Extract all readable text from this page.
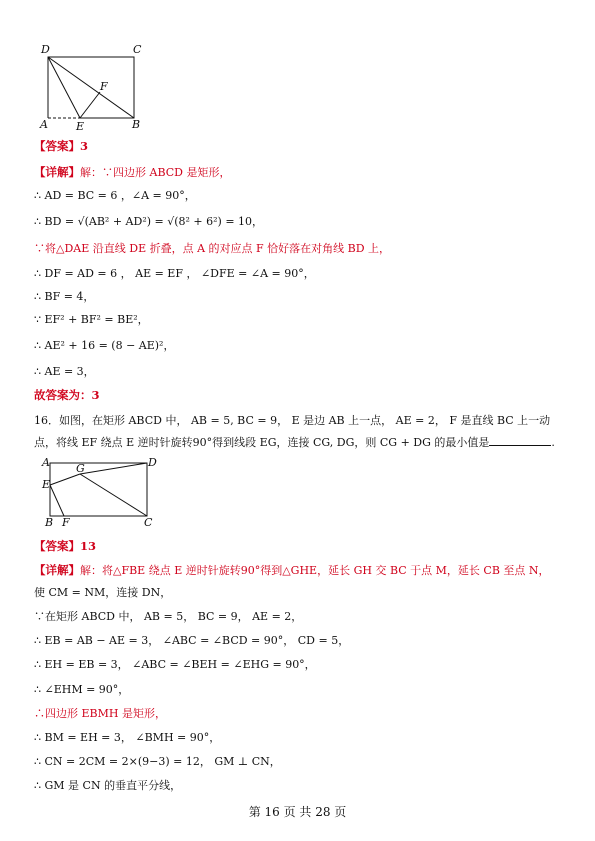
D	C
F
A	E	B
【答案】3
【详解】解：∵四边形 ABCD 是矩形，
∴ AD = BC = 6 ，∠A = 90°，
∴ BD = √(AB² + AD²) = √(8² + 6²) = 10，
∵将△DAE 沿直线 DE 折叠，点 A 的对应点 F 恰好落在对角线 BD 上，
∴ DF = AD = 6 ， AE = EF ， ∠DFE = ∠A = 90°，
∴ BF = 4，
∵ EF² + BF² = BE²，
∴ AE² + 16 = (8 − AE)²，
∴ AE = 3，
故答案为：3
16．如图，在矩形 ABCD 中， AB = 5, BC = 9， E 是边 AB 上一点， AE = 2， F 是直线 BC 上一动点，将线 EF 绕点 E 逆时针旋转90°得到线段 EG，连接 CG, DG，则 CG + DG 的最小值是	.
A G	D
E
B F	C
【答案】13
【详解】解：将△FBE 绕点 E 逆时针旋转90°得到△GHE，延长 GH 交 BC 于点 M，延长 CB 至点 N，
使 CM = NM，连接 DN，
∵在矩形 ABCD 中， AB = 5， BC = 9， AE = 2，
∴ EB = AB − AE = 3， ∠ABC = ∠BCD = 90°， CD = 5，
∴ EH = EB = 3， ∠ABC = ∠BEH = ∠EHG = 90°，
∴ ∠EHM = 90°，
∴四边形 EBMH 是矩形，
∴ BM = EH = 3， ∠BMH = 90°，
∴ CN = 2CM = 2×(9−3) = 12， GM ⊥ CN，
∴ GM 是 CN 的垂直平分线，
第 16 页 共 28 页
